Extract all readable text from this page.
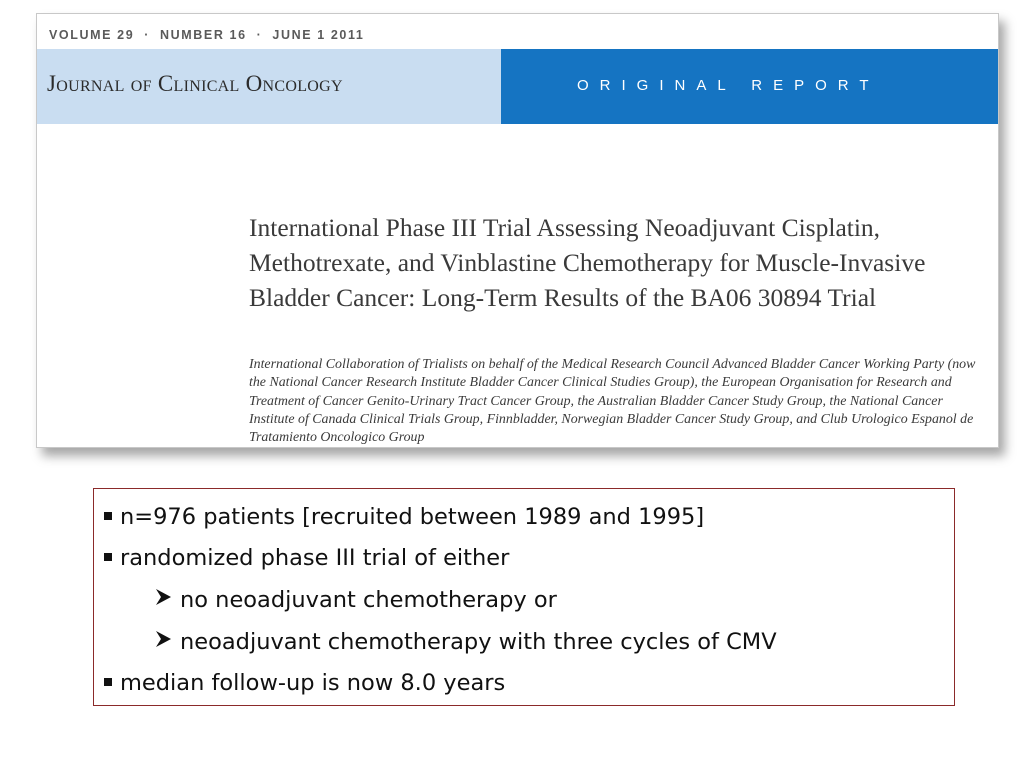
VOLUME 29 · NUMBER 16 · JUNE 1 2011
Journal of Clinical Oncology	ORIGINAL REPORT
International Phase III Trial Assessing Neoadjuvant Cisplatin, Methotrexate, and Vinblastine Chemotherapy for Muscle-Invasive Bladder Cancer: Long-Term Results of the BA06 30894 Trial

International Collaboration of Trialists on behalf of the Medical Research Council Advanced Bladder Cancer Working Party (now the National Cancer Research Institute Bladder Cancer Clinical Studies Group), the European Organisation for Research and Treatment of Cancer Genito-Urinary Tract Cancer Group, the Australian Bladder Cancer Study Group, the National Cancer Institute of Canada Clinical Trials Group, Finnbladder, Norwegian Bladder Cancer Study Group, and Club Urologico Espanol de Tratamiento Oncologico Group

n=976 patients [recruited between 1989 and 1995]
randomized phase III trial of either
no neoadjuvant chemotherapy or
neoadjuvant chemotherapy with three cycles of CMV
median follow-up is now 8.0 years
